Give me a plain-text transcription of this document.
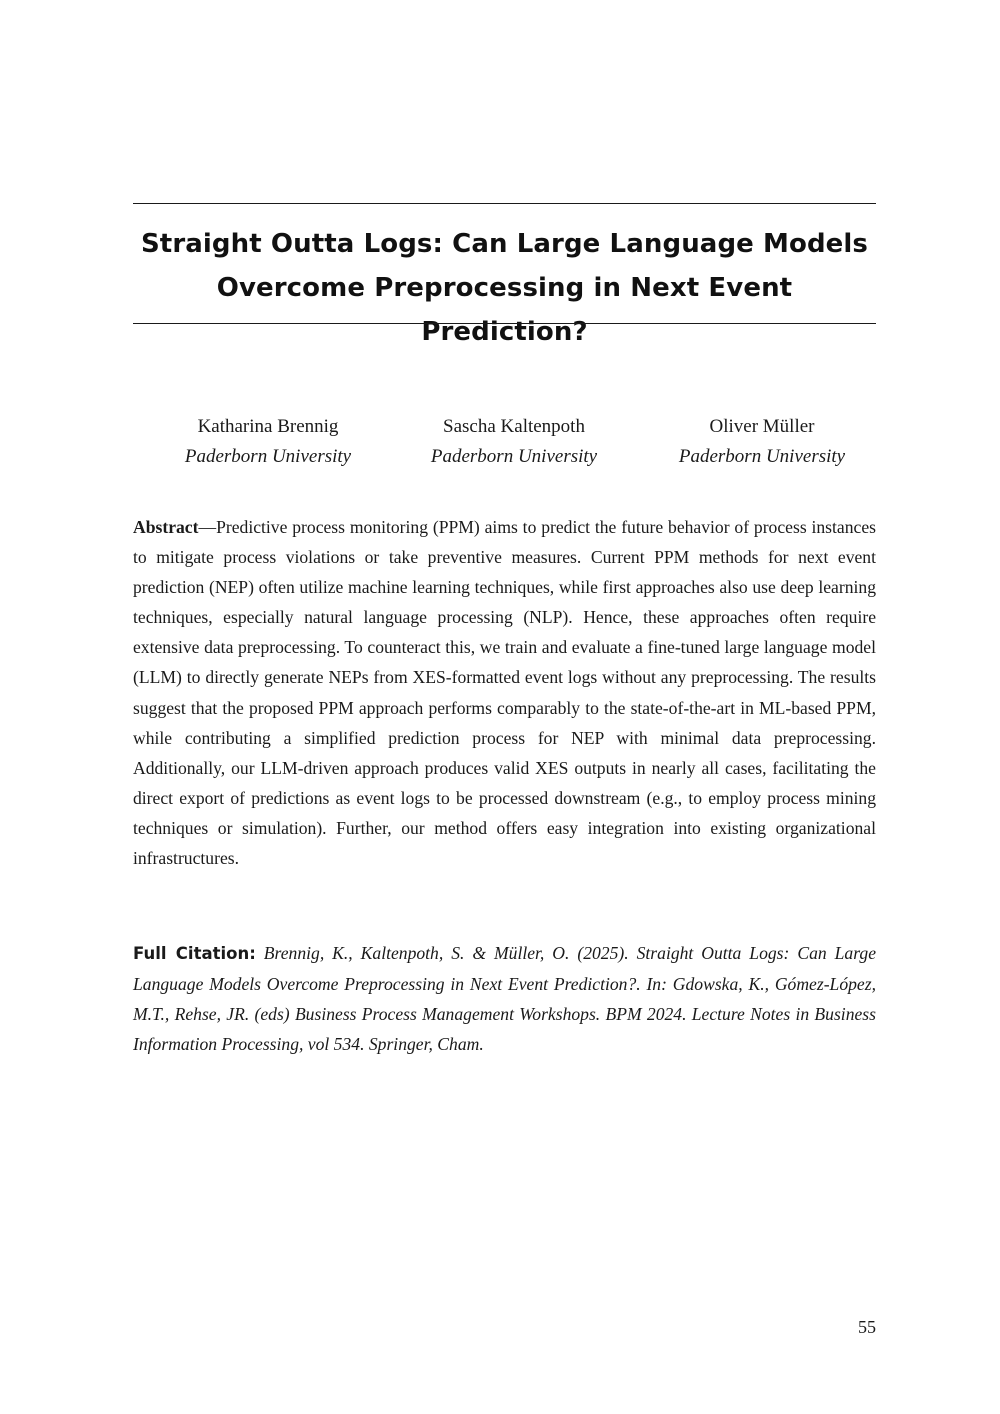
Straight Outta Logs: Can Large Language Models
Overcome Preprocessing in Next Event Prediction?
Katharina Brennig
Paderborn University
Sascha Kaltenpoth
Paderborn University
Oliver Müller
Paderborn University

Abstract—Predictive process monitoring (PPM) aims to predict the future behavior of process instances to mitigate process violations or take preventive measures. Current PPM methods for next event prediction (NEP) often utilize machine learning techniques, while first approaches also use deep learning techniques, especially natural language processing (NLP). Hence, these approaches often require extensive data preprocessing. To counteract this, we train and evaluate a fine-tuned large language model (LLM) to directly generate NEPs from XES-formatted event logs without any preprocessing. The results suggest that the proposed PPM approach performs comparably to the state-of-the-art in ML-based PPM, while contributing a simplified prediction process for NEP with minimal data preprocessing. Additionally, our LLM-driven approach produces valid XES outputs in nearly all cases, facilitating the direct export of predictions as event logs to be processed downstream (e.g., to employ process mining techniques or simulation). Further, our method offers easy integration into existing organizational infrastructures.

Full Citation: Brennig, K., Kaltenpoth, S. & Müller, O. (2025). Straight Outta Logs: Can Large Language Models Overcome Preprocessing in Next Event Prediction?. In: Gdowska, K., Gómez-López, M.T., Rehse, JR. (eds) Business Process Management Workshops. BPM 2024. Lecture Notes in Business Information Processing, vol 534. Springer, Cham.

55
